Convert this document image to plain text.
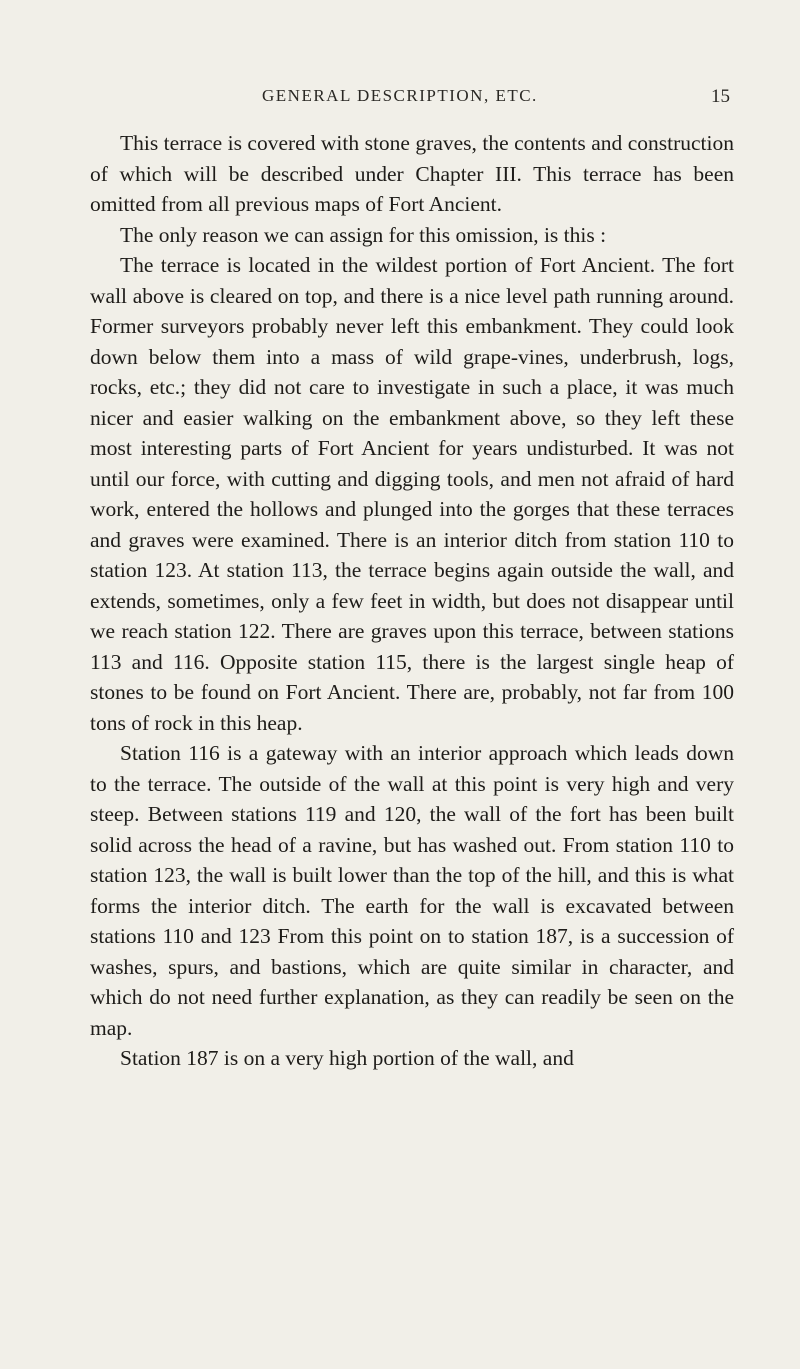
GENERAL DESCRIPTION, ETC.	15

This terrace is covered with stone graves, the contents and construction of which will be described under Chapter III. This terrace has been omitted from all previous maps of Fort Ancient.

The only reason we can assign for this omission, is this :

The terrace is located in the wildest portion of Fort Ancient. The fort wall above is cleared on top, and there is a nice level path running around. Former surveyors probably never left this embankment. They could look down below them into a mass of wild grape-vines, underbrush, logs, rocks, etc.; they did not care to investigate in such a place, it was much nicer and easier walking on the embankment above, so they left these most interesting parts of Fort Ancient for years undisturbed. It was not until our force, with cutting and digging tools, and men not afraid of hard work, entered the hollows and plunged into the gorges that these terraces and graves were examined. There is an interior ditch from station 110 to station 123. At station 113, the terrace begins again outside the wall, and extends, sometimes, only a few feet in width, but does not disappear until we reach station 122. There are graves upon this terrace, between stations 113 and 116. Opposite station 115, there is the largest single heap of stones to be found on Fort Ancient. There are, probably, not far from 100 tons of rock in this heap.

Station 116 is a gateway with an interior approach which leads down to the terrace. The outside of the wall at this point is very high and very steep. Between stations 119 and 120, the wall of the fort has been built solid across the head of a ravine, but has washed out. From station 110 to station 123, the wall is built lower than the top of the hill, and this is what forms the interior ditch. The earth for the wall is excavated between stations 110 and 123 From this point on to station 187, is a succession of washes, spurs, and bastions, which are quite similar in character, and which do not need further explanation, as they can readily be seen on the map.

Station 187 is on a very high portion of the wall, and
